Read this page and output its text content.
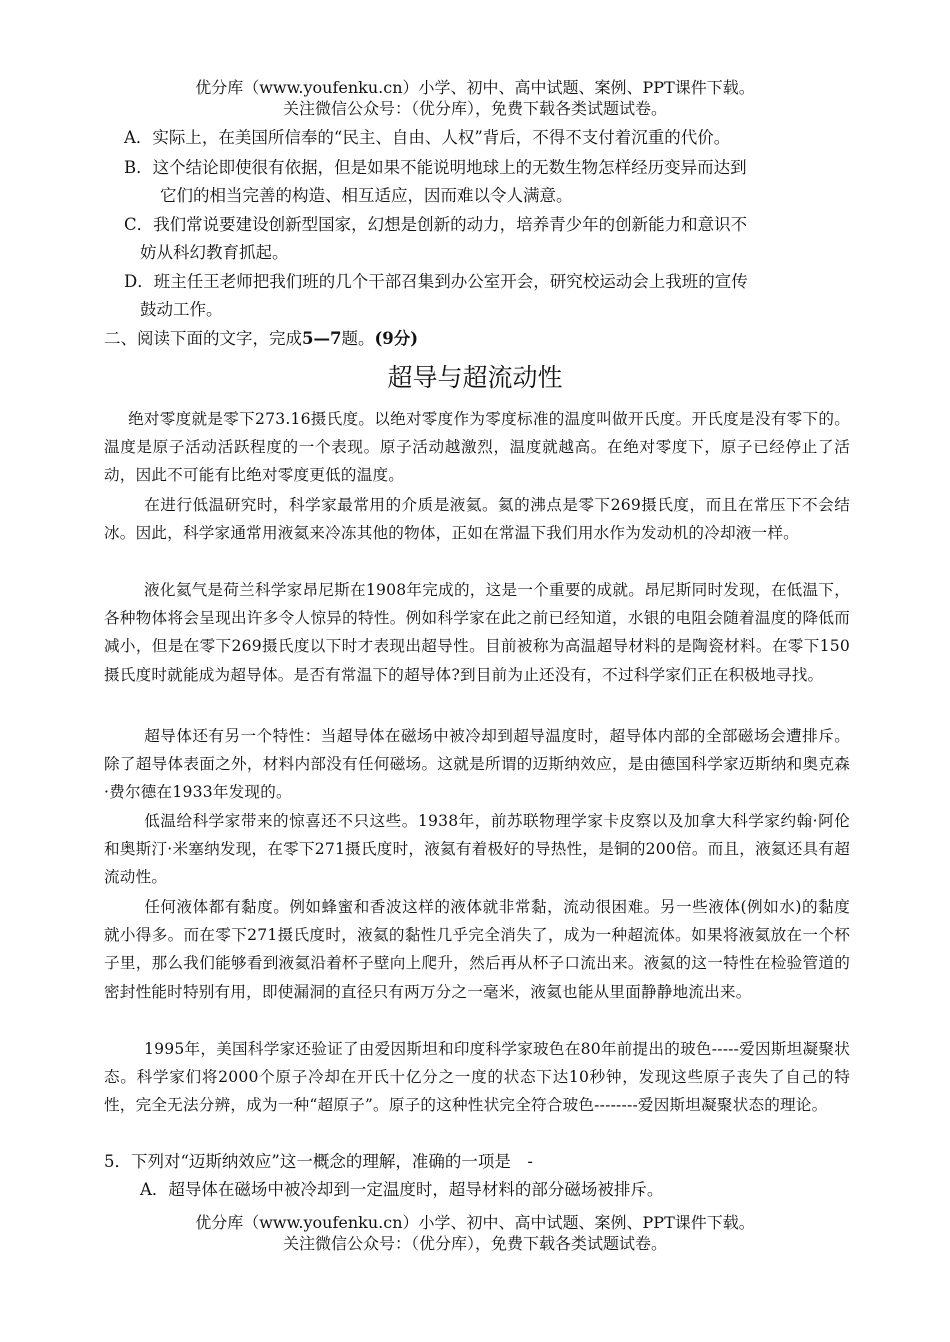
优分库（www.youfenku.cn）小学、初中、高中试题、案例、PPT课件下载。
关注微信公众号：（优分库），免费下载各类试题试卷。
A．实际上，在美国所信奉的“民主、自由、人权”背后，不得不支付着沉重的代价。
B．这个结论即使很有依据，但是如果不能说明地球上的无数生物怎样经历变异而达到
它们的相当完善的构造、相互适应，因而难以令人满意。
C．我们常说要建设创新型国家，幻想是创新的动力，培养青少年的创新能力和意识不
妨从科幻教育抓起。
D．班主任王老师把我们班的几个干部召集到办公室开会，研究校运动会上我班的宣传
鼓动工作。
二、阅读下面的文字，完成5—7题。(9分)
超导与超流动性
绝对零度就是零下273.16摄氏度。以绝对零度作为零度标准的温度叫做开氏度。开氏度是没有零下的。温度是原子活动活跃程度的一个表现。原子活动越激烈，温度就越高。在绝对零度下，原子已经停止了活动，因此不可能有比绝对零度更低的温度。
在进行低温研究时，科学家最常用的介质是液氦。氦的沸点是零下269摄氏度，而且在常压下不会结冰。因此，科学家通常用液氦来冷冻其他的物体，正如在常温下我们用水作为发动机的冷却液一样。
液化氦气是荷兰科学家昂尼斯在1908年完成的，这是一个重要的成就。昂尼斯同时发现，在低温下，各种物体将会呈现出许多令人惊异的特性。例如科学家在此之前已经知道，水银的电阻会随着温度的降低而减小，但是在零下269摄氏度以下时才表现出超导性。目前被称为高温超导材料的是陶瓷材料。在零下150摄氏度时就能成为超导体。是否有常温下的超导体?到目前为止还没有，不过科学家们正在积极地寻找。
超导体还有另一个特性：当超导体在磁场中被冷却到超导温度时，超导体内部的全部磁场会遭排斥。除了超导体表面之外，材料内部没有任何磁场。这就是所谓的迈斯纳效应，是由德国科学家迈斯纳和奥克森·费尔德在1933年发现的。
低温给科学家带来的惊喜还不只这些。1938年，前苏联物理学家卡皮察以及加拿大科学家约翰·阿伦和奥斯汀·米塞纳发现，在零下271摄氏度时，液氦有着极好的导热性，是铜的200倍。而且，液氦还具有超流动性。
任何液体都有黏度。例如蜂蜜和香波这样的液体就非常黏，流动很困难。另一些液体(例如水)的黏度就小得多。而在零下271摄氏度时，液氦的黏性几乎完全消失了，成为一种超流体。如果将液氦放在一个杯子里，那么我们能够看到液氦沿着杯子壁向上爬升，然后再从杯子口流出来。液氦的这一特性在检验管道的密封性能时特别有用，即使漏洞的直径只有两万分之一毫米，液氦也能从里面静静地流出来。
1995年，美国科学家还验证了由爱因斯坦和印度科学家玻色在80年前提出的玻色-----爱因斯坦凝聚状态。科学家们将2000个原子冷却在开氏十亿分之一度的状态下达10秒钟，发现这些原子丧失了自己的特性，完全无法分辨，成为一种“超原子”。原子的这种性状完全符合玻色--------爱因斯坦凝聚状态的理论。
5．下列对“迈斯纳效应”这一概念的理解，准确的一项是　-
A．超导体在磁场中被冷却到一定温度时，超导材料的部分磁场被排斥。
优分库（www.youfenku.cn）小学、初中、高中试题、案例、PPT课件下载。
关注微信公众号：（优分库），免费下载各类试题试卷。
